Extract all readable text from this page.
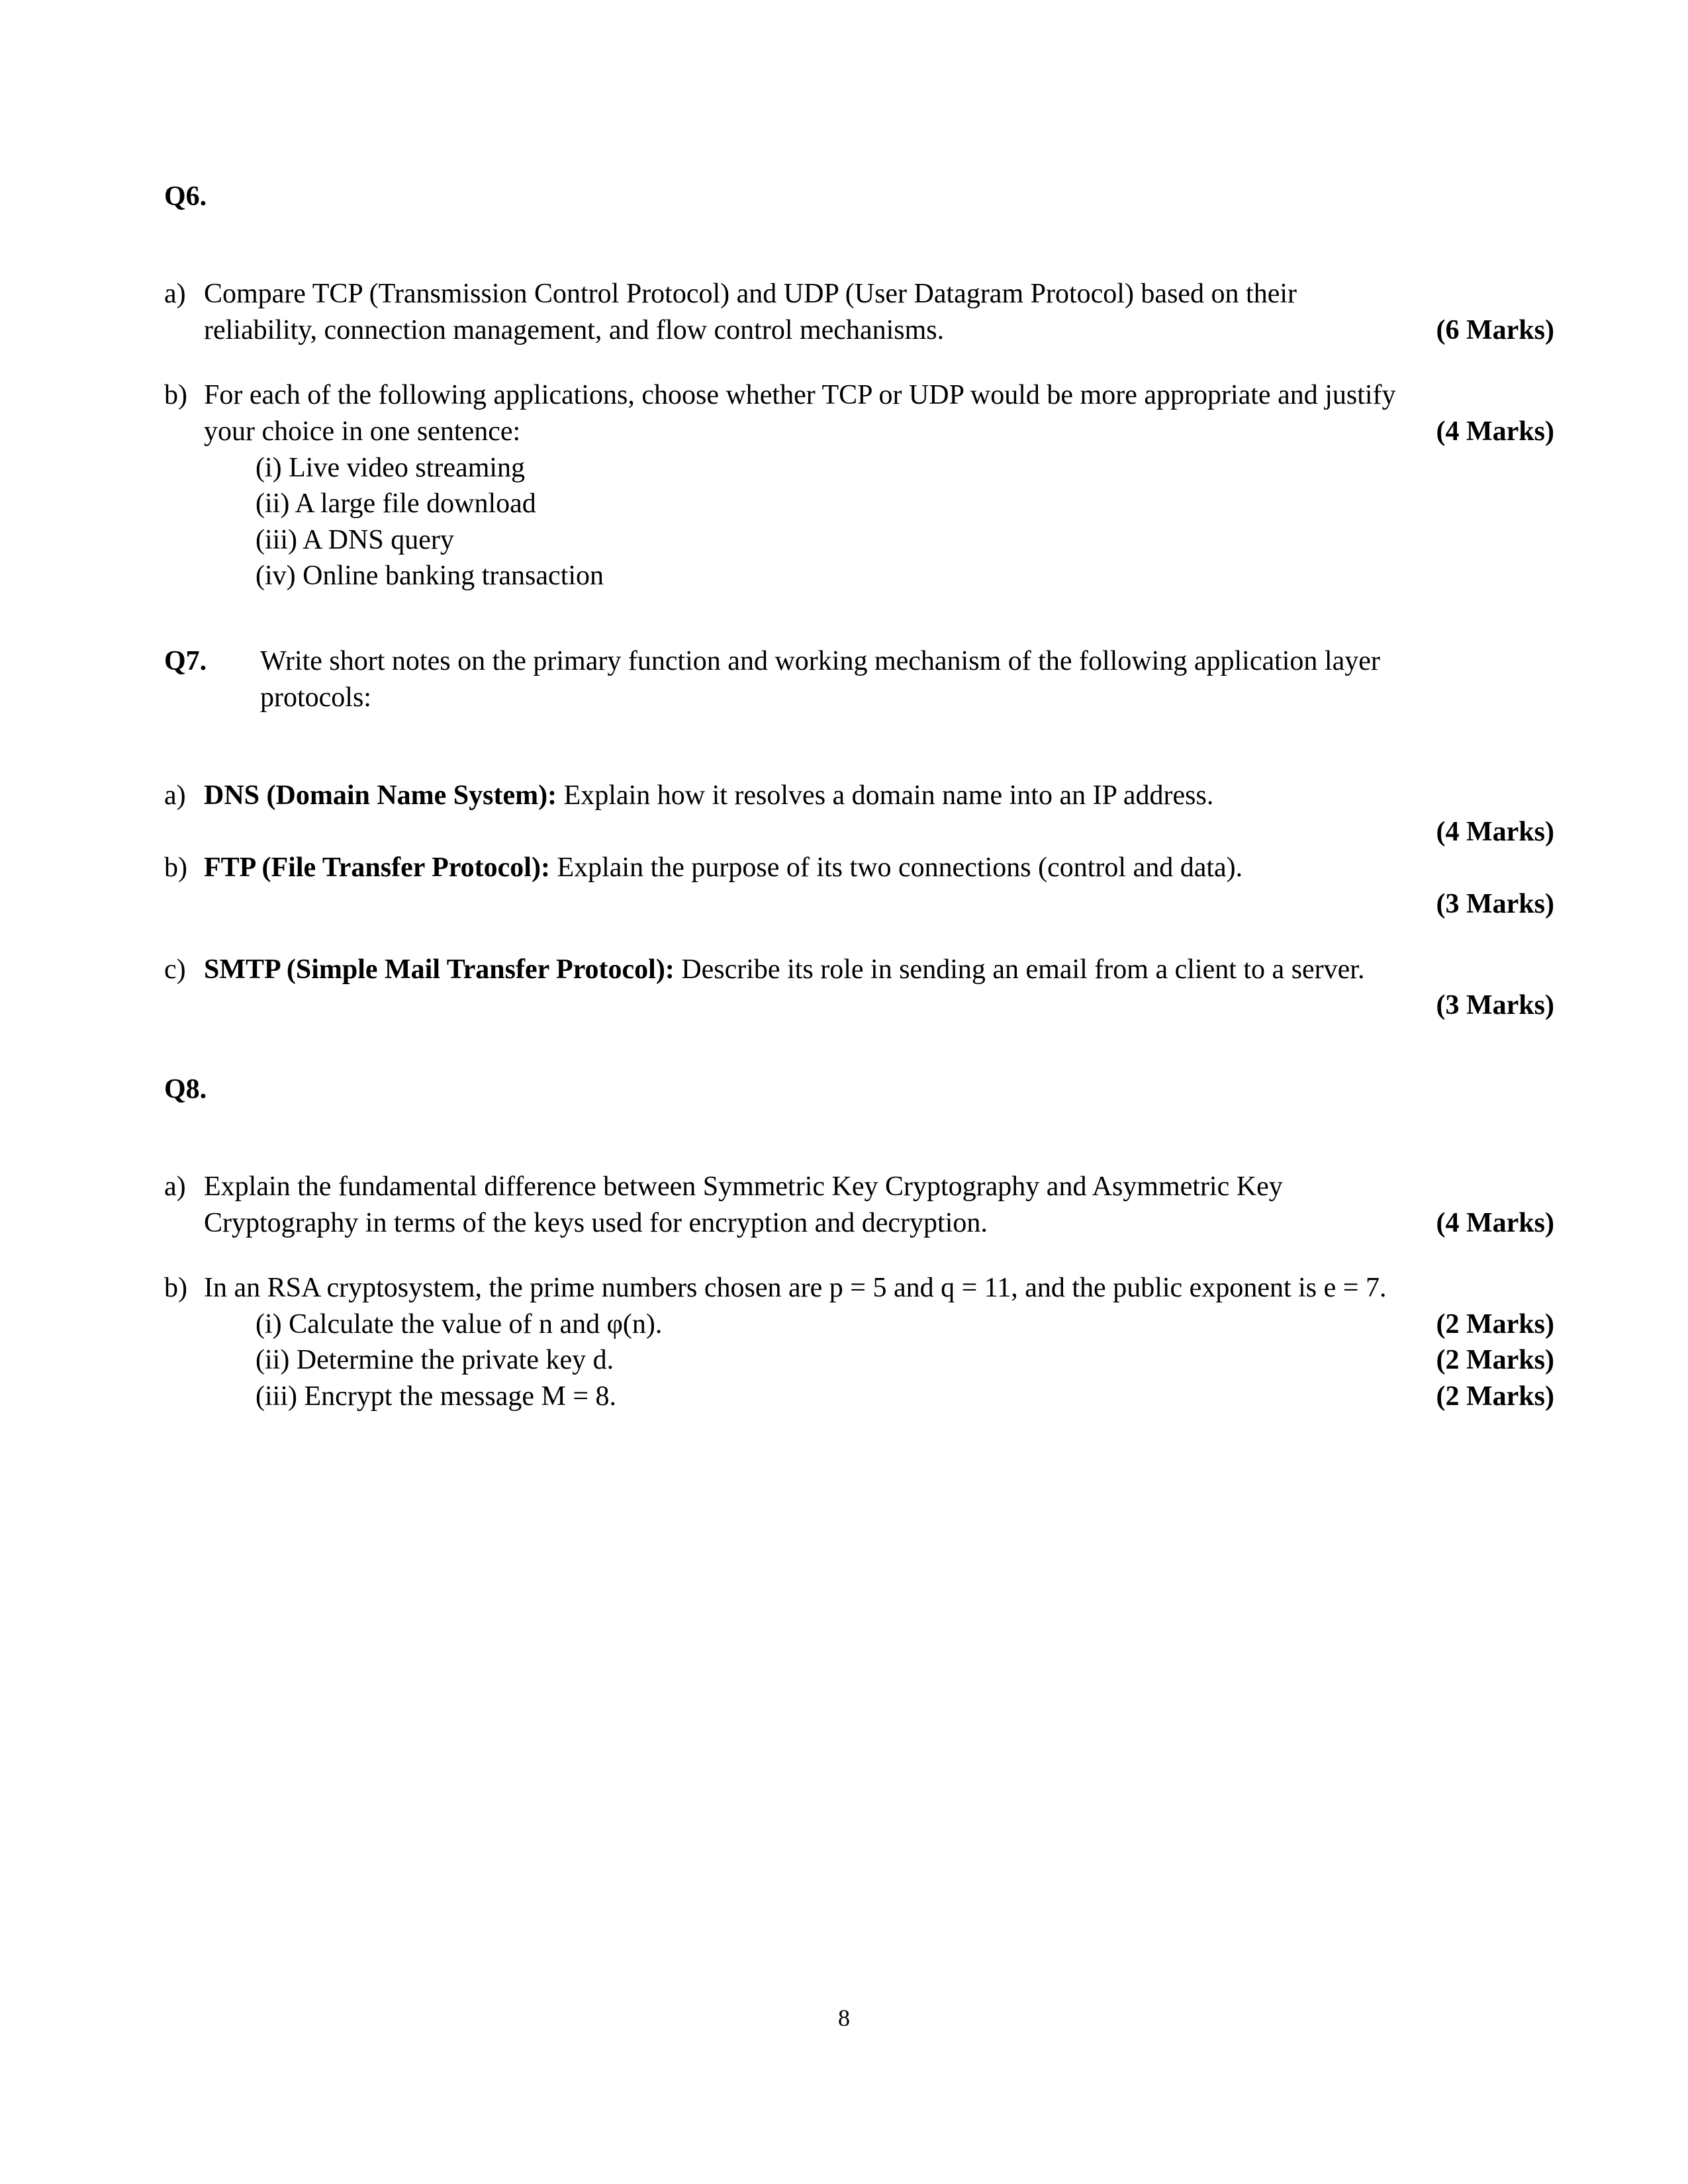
Q6.
a) Compare TCP (Transmission Control Protocol) and UDP (User Datagram Protocol) based on their

reliability, connection management, and flow control mechanisms.	(6 Marks)
b) For each of the following applications, choose whether TCP or UDP would be more appropriate and justify

your choice in one sentence:	(4 Marks)
(i) Live video streaming
(ii) A large file download
(iii) A DNS query
(iv) Online banking transaction
Q7.	Write short notes on the primary function and working mechanism of the following application layer
protocols:
a) DNS (Domain Name System): Explain how it resolves a domain name into an IP address.

(4 Marks)
b) FTP (File Transfer Protocol): Explain the purpose of its two connections (control and data).

(3 Marks)
c) SMTP (Simple Mail Transfer Protocol): Describe its role in sending an email from a client to a server.

(3 Marks)
Q8.
a) Explain the fundamental difference between Symmetric Key Cryptography and Asymmetric Key

Cryptography in terms of the keys used for encryption and decryption.	(4 Marks)
b) In an RSA cryptosystem, the prime numbers chosen are p = 5 and q = 11, and the public exponent is e = 7.

(i) Calculate the value of n and φ(n).	(2 Marks)
(ii) Determine the private key d.	(2 Marks)
(iii) Encrypt the message M = 8.	(2 Marks)
8
